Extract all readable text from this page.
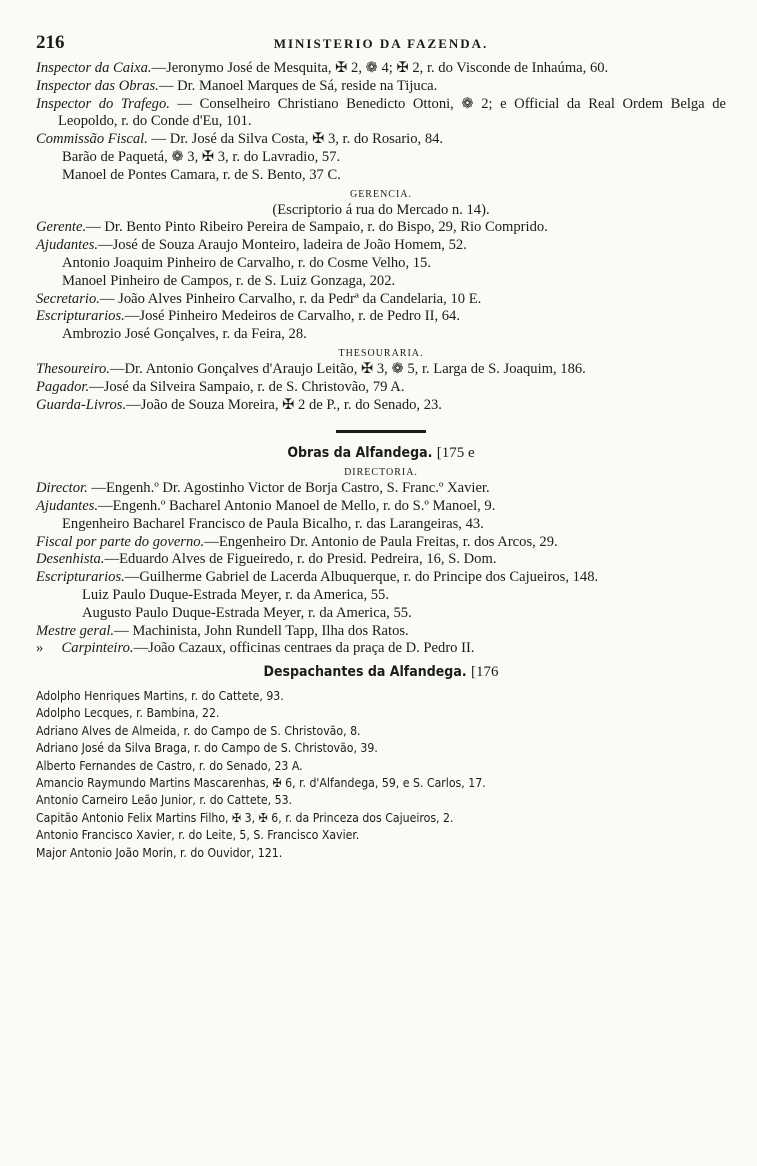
216	MINISTERIO DA FAZENDA.
Inspector da Caixa.—Jeronymo José de Mesquita, ✠ 2, ❁ 4; ✠ 2, r. do Visconde de Inhaúma, 60.
Inspector das Obras.— Dr. Manoel Marques de Sá, reside na Tijuca.
Inspector do Trafego. — Conselheiro Christiano Benedicto Ottoni, ❁ 2; e Official da Real Ordem Belga de Leopoldo, r. do Conde d'Eu, 101.
Commissão Fiscal. — Dr. José da Silva Costa, ✠ 3, r. do Rosario, 84.
Barão de Paquetá, ❁ 3, ✠ 3, r. do Lavradio, 57.
Manoel de Pontes Camara, r. de S. Bento, 37 C.
GERENCIA.
(Escriptorio á rua do Mercado n. 14).
Gerente.— Dr. Bento Pinto Ribeiro Pereira de Sampaio, r. do Bispo, 29, Rio Comprido.
Ajudantes.—José de Souza Araujo Monteiro, ladeira de João Homem, 52.
Antonio Joaquim Pinheiro de Carvalho, r. do Cosme Velho, 15.
Manoel Pinheiro de Campos, r. de S. Luiz Gonzaga, 202.
Secretario.— João Alves Pinheiro Carvalho, r. da Pedrª da Candelaria, 10 E.
Escripturarios.—José Pinheiro Medeiros de Carvalho, r. de Pedro II, 64.
Ambrozio José Gonçalves, r. da Feira, 28.
THESOURARIA.
Thesoureiro.—Dr. Antonio Gonçalves d'Araujo Leitão, ✠ 3, ❁ 5, r. Larga de S. Joaquim, 186.
Pagador.—José da Silveira Sampaio, r. de S. Christovão, 79 A.
Guarda-Livros.—João de Souza Moreira, ✠ 2 de P., r. do Senado, 23.
Obras da Alfandega. [175 e
DIRECTORIA.
Director. —Engenh.º Dr. Agostinho Victor de Borja Castro, S. Franc.º Xavier.
Ajudantes.—Engenh.º Bacharel Antonio Manoel de Mello, r. do S.º Manoel, 9.
Engenheiro Bacharel Francisco de Paula Bicalho, r. das Larangeiras, 43.
Fiscal por parte do governo.—Engenheiro Dr. Antonio de Paula Freitas, r. dos Arcos, 29.
Desenhista.—Eduardo Alves de Figueiredo, r. do Presid. Pedreira, 16, S. Dom.
Escripturarios.—Guilherme Gabriel de Lacerda Albuquerque, r. do Principe dos Cajueiros, 148.
Luiz Paulo Duque-Estrada Meyer, r. da America, 55.
Augusto Paulo Duque-Estrada Meyer, r. da America, 55.
Mestre geral.— Machinista, John Rundell Tapp, Ilha dos Ratos.
»  Carpinteiro.—João Cazaux, officinas centraes da praça de D. Pedro II.
Despachantes da Alfandega. [176
Adolpho Henriques Martins, r. do Cattete, 93.
Adolpho Lecques, r. Bambina, 22.
Adriano Alves de Almeida, r. do Campo de S. Christovão, 8.
Adriano José da Silva Braga, r. do Campo de S. Christovão, 39.
Alberto Fernandes de Castro, r. do Senado, 23 A.
Amancio Raymundo Martins Mascarenhas, ✠ 6, r. d'Alfandega, 59, e S. Carlos, 17.
Antonio Carneiro Leão Junior, r. do Cattete, 53.
Capitão Antonio Felix Martins Filho, ✠ 3, ✠ 6, r. da Princeza dos Cajueiros, 2.
Antonio Francisco Xavier, r. do Leite, 5, S. Francisco Xavier.
Major Antonio João Morin, r. do Ouvidor, 121.
